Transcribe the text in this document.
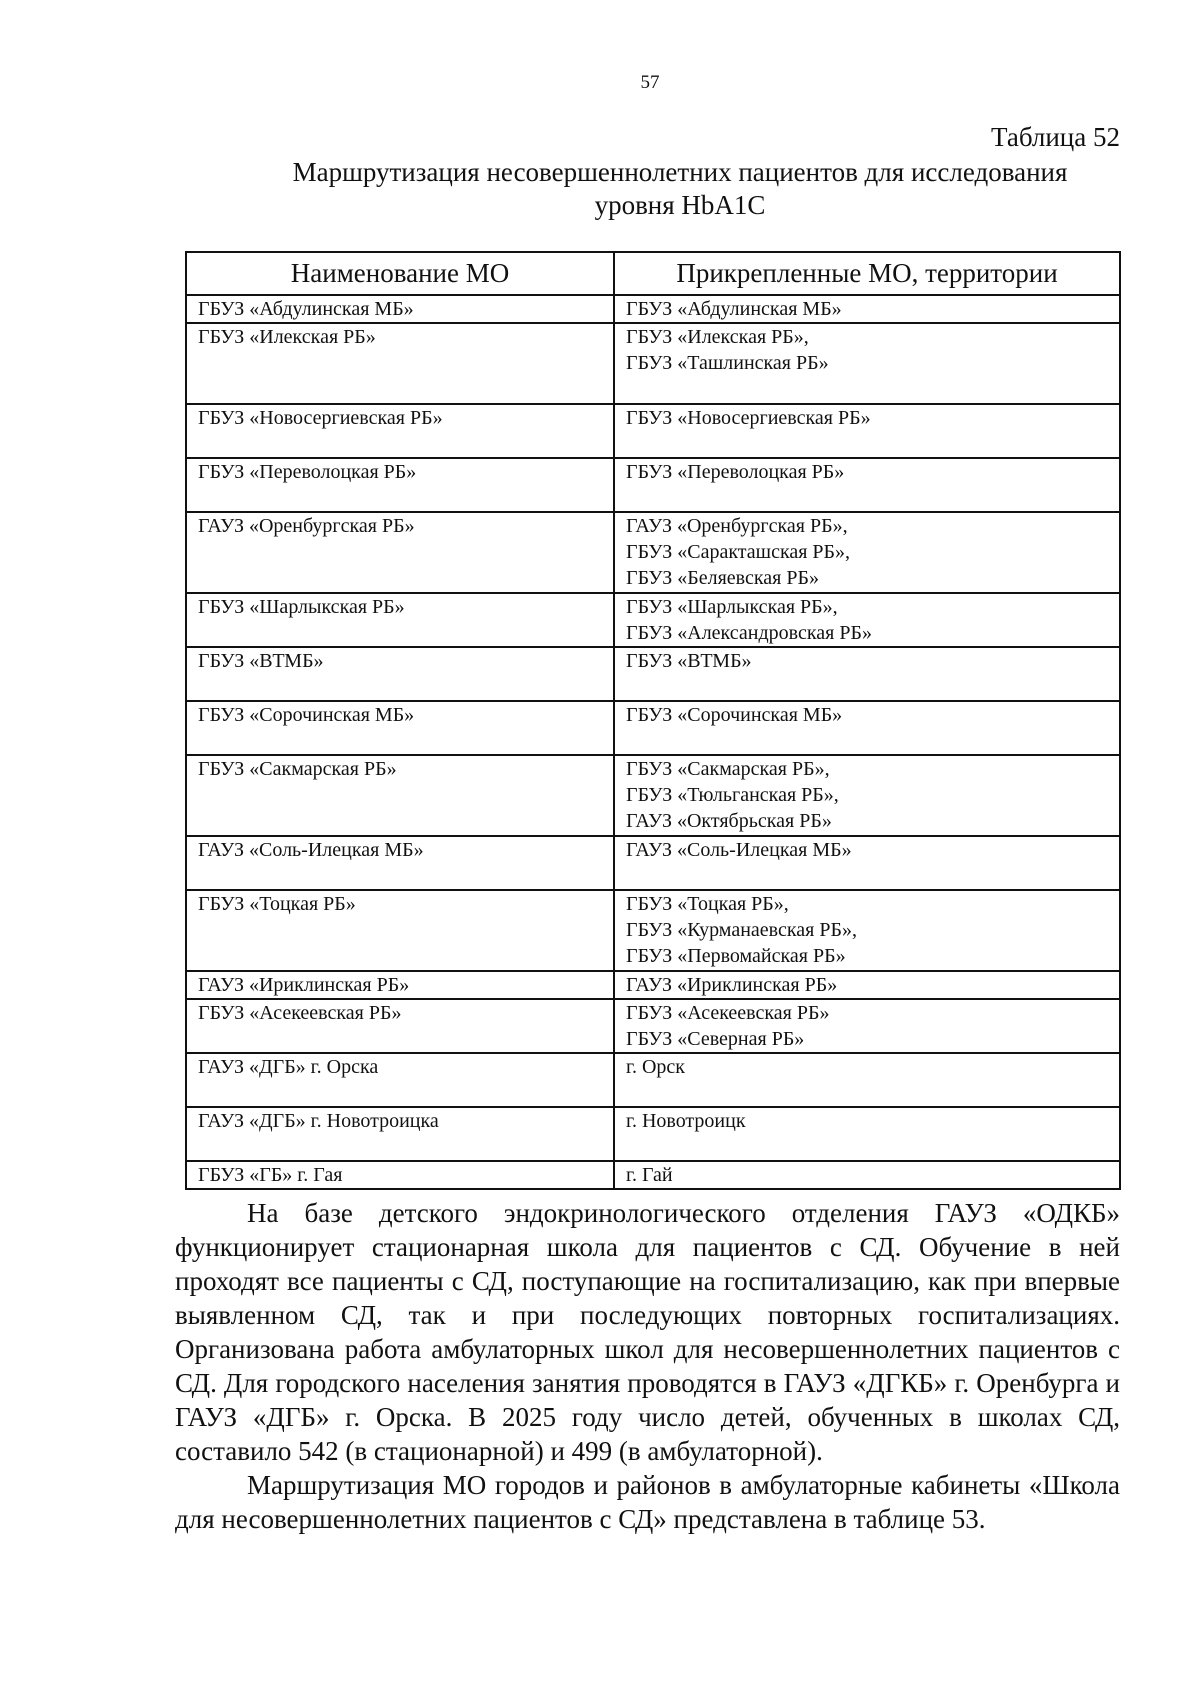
57
Таблица 52
Маршрутизация несовершеннолетних пациентов для исследования
уровня HbA1C
Наименование МО	Прикрепленные МО, территории

ГБУЗ «Абдулинская МБ»	ГБУЗ «Абдулинская МБ»

ГБУЗ «Илекская РБ»	ГБУЗ «Илекская РБ»,
ГБУЗ «Ташлинская РБ»

ГБУЗ «Новосергиевская РБ»	ГБУЗ «Новосергиевская РБ»

ГБУЗ «Переволоцкая РБ»	ГБУЗ «Переволоцкая РБ»

ГАУЗ «Оренбургская РБ»	ГАУЗ «Оренбургская РБ»,
ГБУЗ «Саракташская РБ»,
ГБУЗ «Беляевская РБ»

ГБУЗ «Шарлыкская РБ»	ГБУЗ «Шарлыкская РБ»,
ГБУЗ «Александровская РБ»

ГБУЗ «ВТМБ»	ГБУЗ «ВТМБ»

ГБУЗ «Сорочинская МБ»	ГБУЗ «Сорочинская МБ»

ГБУЗ «Сакмарская РБ»	ГБУЗ «Сакмарская РБ»,
ГБУЗ «Тюльганская РБ»,
ГАУЗ «Октябрьская РБ»

ГАУЗ «Соль-Илецкая МБ»	ГАУЗ «Соль-Илецкая МБ»

ГБУЗ «Тоцкая РБ»	ГБУЗ «Тоцкая РБ»,
ГБУЗ «Курманаевская РБ»,
ГБУЗ «Первомайская РБ»

ГАУЗ «Ириклинская РБ»	ГАУЗ «Ириклинская РБ»

ГБУЗ «Асекеевская РБ»	ГБУЗ «Асекеевская РБ»
ГБУЗ «Северная РБ»

ГАУЗ «ДГБ» г. Орска	г. Орск

ГАУЗ «ДГБ» г. Новотроицка	г. Новотроицк

ГБУЗ «ГБ» г. Гая	г. Гай

На базе детского эндокринологического отделения ГАУЗ «ОДКБ» функционирует стационарная школа для пациентов с СД. Обучение в ней проходят все пациенты с СД, поступающие на госпитализацию, как при впервые выявленном СД, так и при последующих повторных госпитализациях. Организована работа амбулаторных школ для несовершеннолетних пациентов с СД. Для городского населения занятия проводятся в ГАУЗ «ДГКБ» г. Оренбурга и ГАУЗ «ДГБ» г. Орска. В 2025 году число детей, обученных в школах СД, составило 542 (в стационарной) и 499 (в амбулаторной).

Маршрутизация МО городов и районов в амбулаторные кабинеты «Школа для несовершеннолетних пациентов с СД» представлена в таблице 53.
